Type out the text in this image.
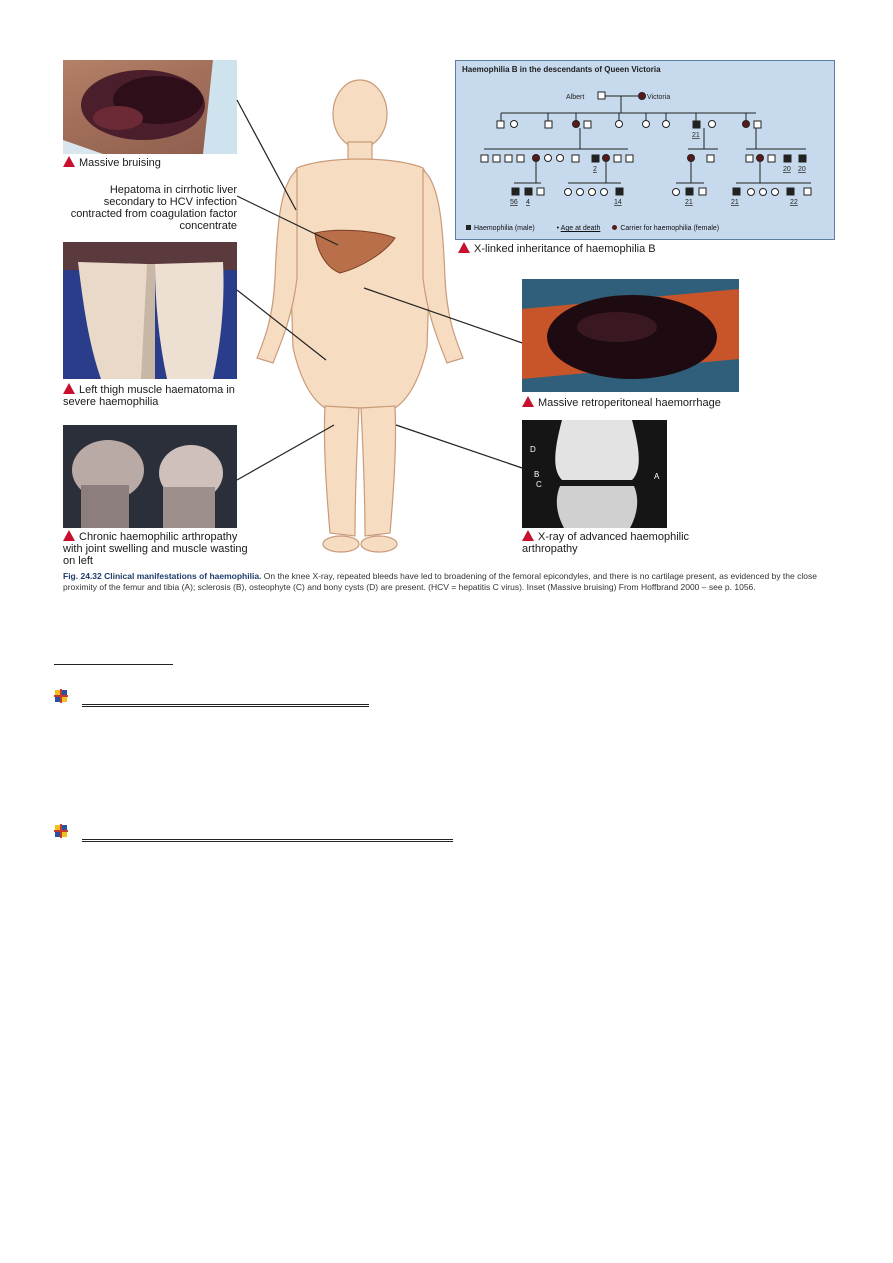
Massive bruising
Hepatoma in cirrhotic liver secondary to HCV infection contracted from coagulation factor concentrate
Left thigh muscle haematoma in severe haemophilia
Chronic haemophilic arthropathy with joint swelling and muscle wasting on left
Haemophilia B in the descendants of Queen Victoria
Albert	Victoria
21
2	20 20
56 4	14	21	21	22
Haemophilia (male)	• Age at death	Carrier for haemophilia (female)
X-linked inheritance of haemophilia B
Massive retroperitoneal haemorrhage
D
B
C
A
X-ray of advanced haemophilic arthropathy
Fig. 24.32 Clinical manifestations of haemophilia. On the knee X-ray, repeated bleeds have led to broadening of the femoral epicondyles, and there is no cartilage present, as evidenced by the close proximity of the femur and tibia (A); sclerosis (B), osteophyte (C) and bony cysts (D) are present. (HCV = hepatitis C virus). Inset (Massive bruising) From Hoffbrand 2000 – see p. 1056.
